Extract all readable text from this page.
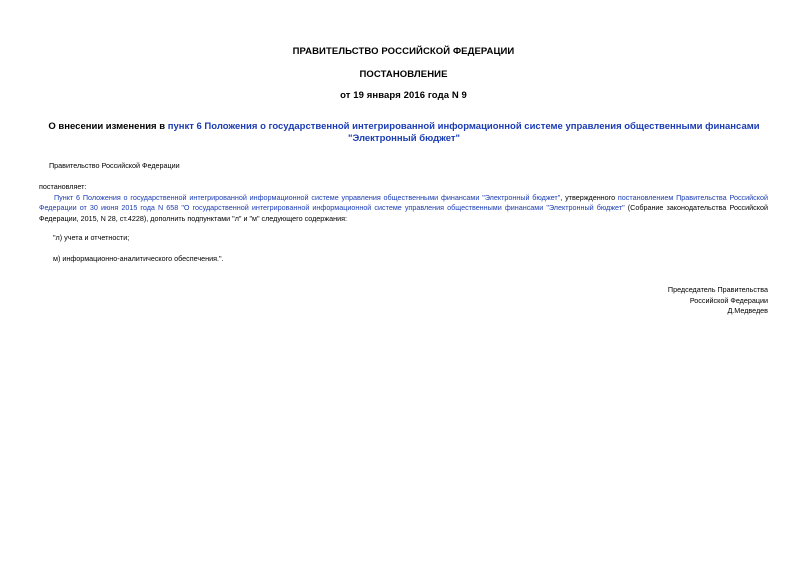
ПРАВИТЕЛЬСТВО РОССИЙСКОЙ ФЕДЕРАЦИИ
ПОСТАНОВЛЕНИЕ
от 19 января 2016 года N 9
О внесении изменения в пункт 6 Положения о государственной интегрированной информационной системе управления общественными финансами "Электронный бюджет"
Правительство Российской Федерации
постановляет:
Пункт 6 Положения о государственной интегрированной информационной системе управления общественными финансами "Электронный бюджет", утвержденного постановлением Правительства Российской Федерации от 30 июня 2015 года N 658 "О государственной интегрированной информационной системе управления общественными финансами "Электронный бюджет" (Собрание законодательства Российской Федерации, 2015, N 28, ст.4228), дополнить подпунктами "л" и "м" следующего содержания:
"л) учета и отчетности;
м) информационно-аналитического обеспечения.".
Председатель Правительства
Российской Федерации
Д.Медведев
